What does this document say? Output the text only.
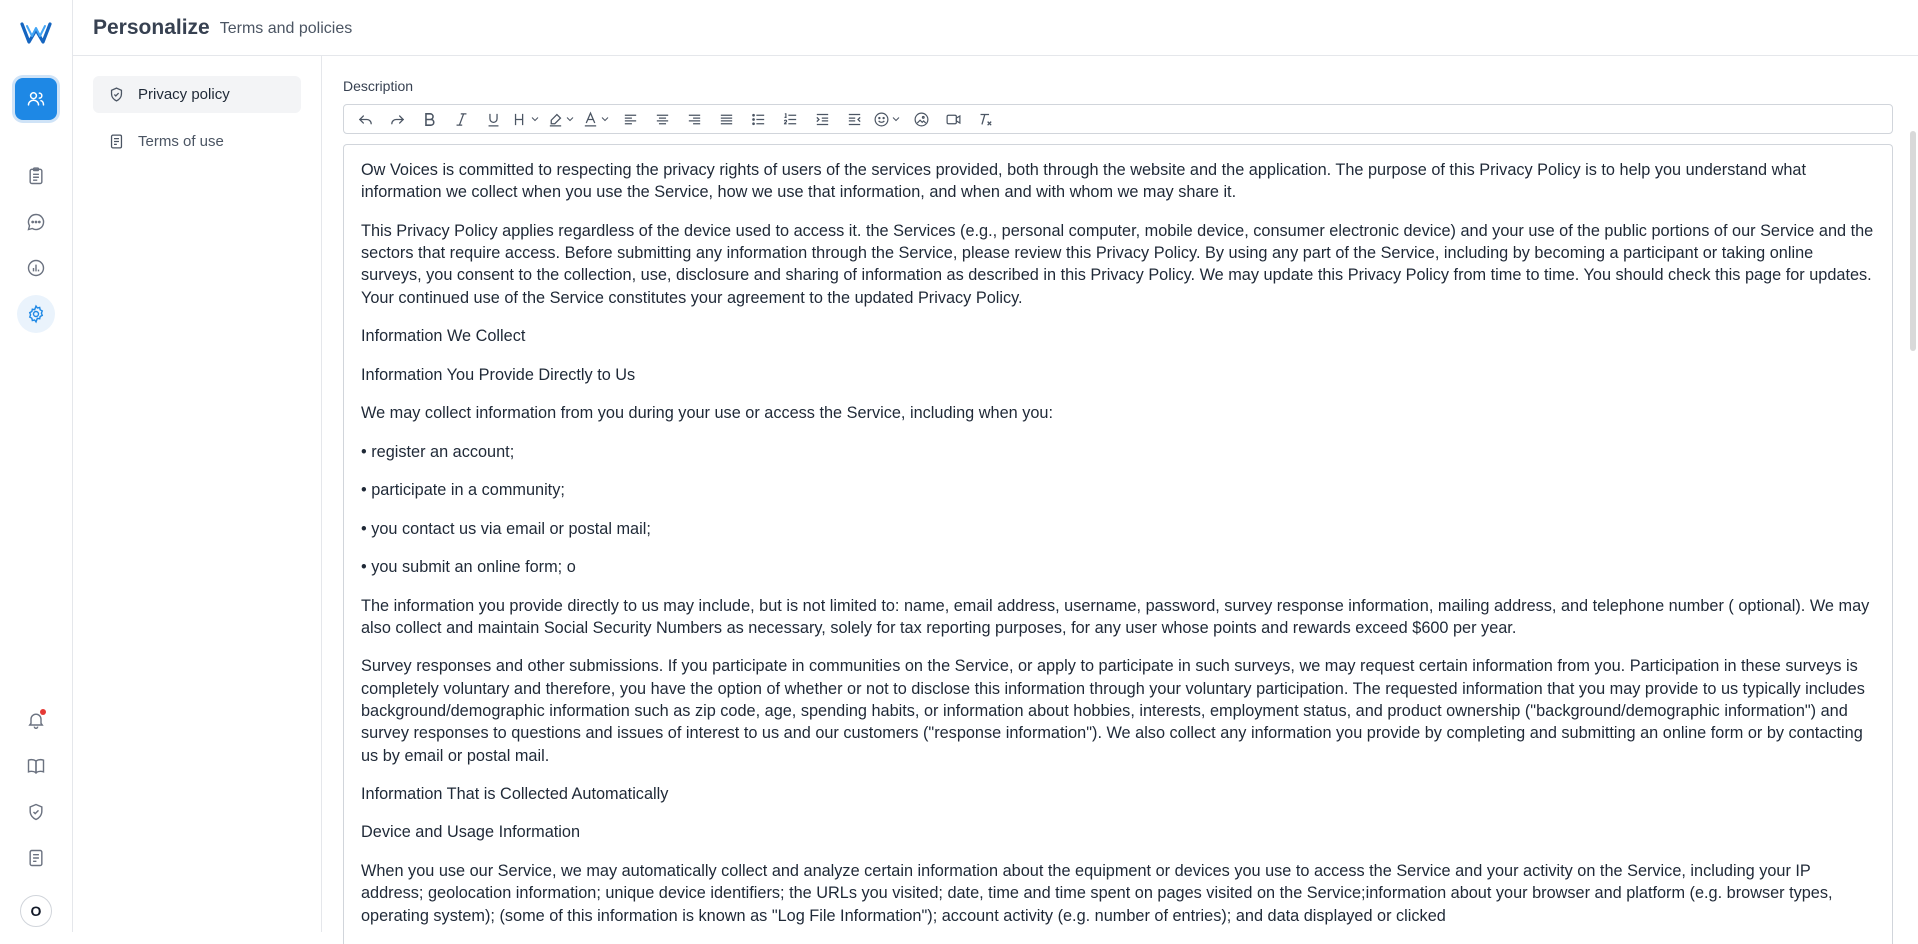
O
Personalize Terms and policies
Privacy policy
Terms of use
Description

Ow Voices is committed to respecting the privacy rights of users of the services provided, both through the website and the application. The purpose of this Privacy Policy is to help you understand what information we collect when you use the Service, how we use that information, and when and with whom we may share it.

This Privacy Policy applies regardless of the device used to access it. the Services (e.g., personal computer, mobile device, consumer electronic device) and your use of the public portions of our Service and the sectors that require access. Before submitting any information through the Service, please review this Privacy Policy. By using any part of the Service, including by becoming a participant or taking online surveys, you consent to the collection, use, disclosure and sharing of information as described in this Privacy Policy. We may update this Privacy Policy from time to time. You should check this page for updates. Your continued use of the Service constitutes your agreement to the updated Privacy Policy.

Information We Collect

Information You Provide Directly to Us

We may collect information from you during your use or access the Service, including when you:

• register an account;

• participate in a community;

• you contact us via email or postal mail;

• you submit an online form; o

The information you provide directly to us may include, but is not limited to: name, email address, username, password, survey response information, mailing address, and telephone number ( optional). We may also collect and maintain Social Security Numbers as necessary, solely for tax reporting purposes, for any user whose points and rewards exceed $600 per year.

Survey responses and other submissions. If you participate in communities on the Service, or apply to participate in such surveys, we may request certain information from you. Participation in these surveys is completely voluntary and therefore, you have the option of whether or not to disclose this information through your voluntary participation. The requested information that you may provide to us typically includes background/demographic information such as zip code, age, spending habits, or information about hobbies, interests, employment status, and product ownership ("background/demographic information") and survey responses to questions and issues of interest to us and our customers ("response information"). We also collect any information you provide by completing and submitting an online form or by contacting us by email or postal mail.

Information That is Collected Automatically

Device and Usage Information

When you use our Service, we may automatically collect and analyze certain information about the equipment or devices you use to access the Service and your activity on the Service, including your IP address; geolocation information; unique device identifiers; the URLs you visited; date, time and time spent on pages visited on the Service;information about your browser and platform (e.g. browser types, operating system); (some of this information is known as "Log File Information"); account activity (e.g. number of entries); and data displayed or clicked
